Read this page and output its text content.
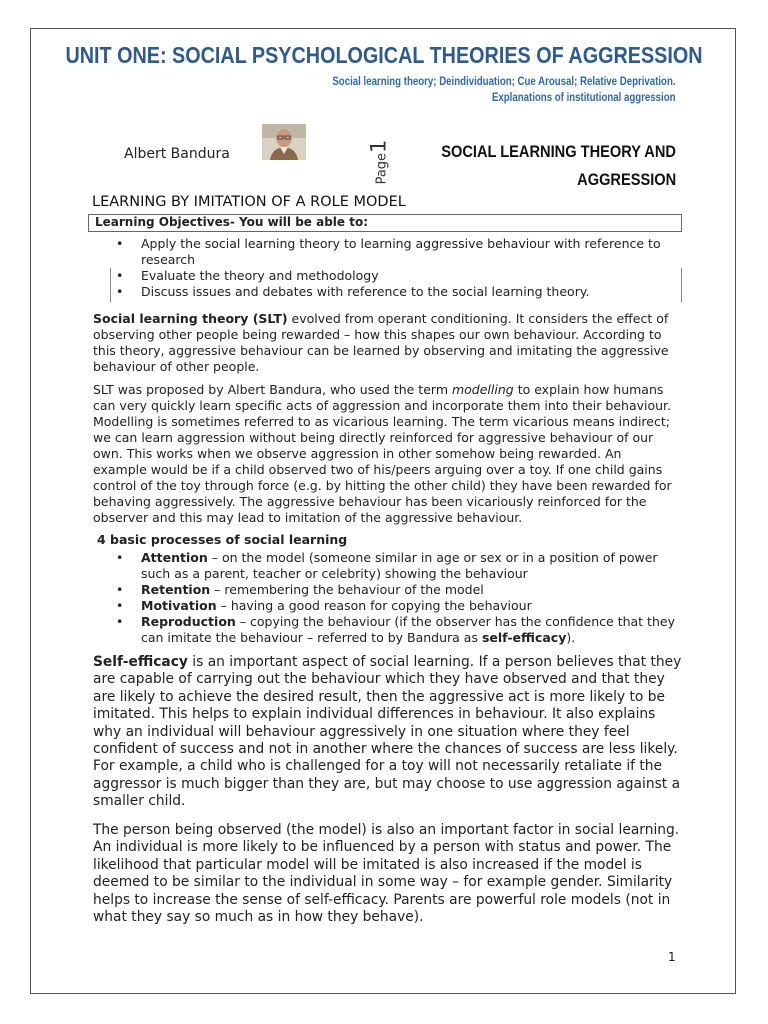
UNIT ONE: SOCIAL PSYCHOLOGICAL THEORIES OF AGGRESSION
Social learning theory; Deindividuation; Cue Arousal; Relative Deprivation.
Explanations of institutional aggression
Albert Bandura	Page1	SOCIAL LEARNING THEORY AND
AGGRESSION
LEARNING BY IMITATION OF A ROLE MODEL
Learning Objectives- You will be able to:
• Apply the social learning theory to learning aggressive behaviour with reference to research
• Evaluate the theory and methodology
• Discuss issues and debates with reference to the social learning theory.

Social learning theory (SLT) evolved from operant conditioning. It considers the effect of observing other people being rewarded – how this shapes our own behaviour. According to this theory, aggressive behaviour can be learned by observing and imitating the aggressive behaviour of other people.

SLT was proposed by Albert Bandura, who used the term modelling to explain how humans can very quickly learn specific acts of aggression and incorporate them into their behaviour. Modelling is sometimes referred to as vicarious learning. The term vicarious means indirect; we can learn aggression without being directly reinforced for aggressive behaviour of our own. This works when we observe aggression in other somehow being rewarded. An example would be if a child observed two of his/peers arguing over a toy. If one child gains control of the toy through force (e.g. by hitting the other child) they have been rewarded for behaving aggressively. The aggressive behaviour has been vicariously reinforced for the observer and this may lead to imitation of the aggressive behaviour.

4 basic processes of social learning
• Attention – on the model (someone similar in age or sex or in a position of power such as a parent, teacher or celebrity) showing the behaviour
• Retention – remembering the behaviour of the model
• Motivation – having a good reason for copying the behaviour
• Reproduction – copying the behaviour (if the observer has the confidence that they can imitate the behaviour – referred to by Bandura as self-efficacy).

Self-efficacy is an important aspect of social learning. If a person believes that they are capable of carrying out the behaviour which they have observed and that they are likely to achieve the desired result, then the aggressive act is more likely to be imitated. This helps to explain individual differences in behaviour. It also explains why an individual will behaviour aggressively in one situation where they feel confident of success and not in another where the chances of success are less likely. For example, a child who is challenged for a toy will not necessarily retaliate if the aggressor is much bigger than they are, but may choose to use aggression against a smaller child.

The person being observed (the model) is also an important factor in social learning. An individual is more likely to be influenced by a person with status and power. The likelihood that particular model will be imitated is also increased if the model is deemed to be similar to the individual in some way – for example gender. Similarity helps to increase the sense of self-efficacy. Parents are powerful role models (not in what they say so much as in how they behave).

1
